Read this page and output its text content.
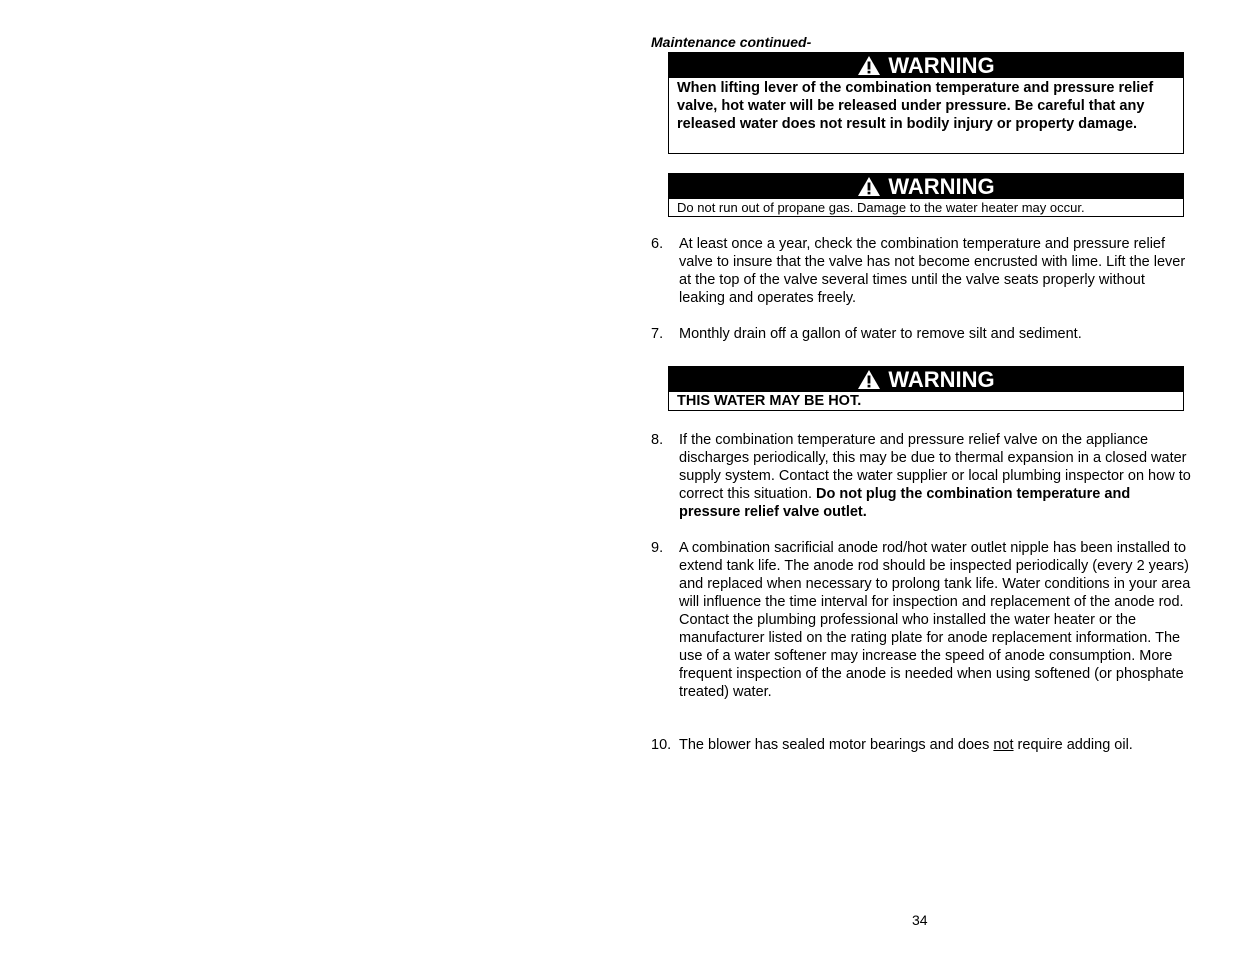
Maintenance continued-
WARNING
When lifting lever of the combination temperature and pressure relief valve, hot water will be released under pressure. Be careful that any released water does not result in bodily injury or property damage.
WARNING
Do not run out of propane gas. Damage to the water heater may occur.
6.	At least once a year, check the combination temperature and pressure relief valve to insure that the valve has not become encrusted with lime. Lift the lever at the top of the valve several times until the valve seats properly without leaking and operates freely.
7.	Monthly drain off a gallon of water to remove silt and sediment.
WARNING
THIS WATER MAY BE HOT.
8.	If the combination temperature and pressure relief valve on the appliance discharges periodically, this may be due to thermal expansion in a closed water supply system. Contact the water supplier or local plumbing inspector on how to correct this situation. Do not plug the combination temperature and pressure relief valve outlet.
9.	A combination sacrificial anode rod/hot water outlet nipple has been installed to extend tank life. The anode rod should be inspected periodically (every 2 years) and replaced when necessary to prolong tank life. Water conditions in your area will influence the time interval for inspection and replacement of the anode rod. Contact the plumbing professional who installed the water heater or the manufacturer listed on the rating plate for anode replacement information. The use of a water softener may increase the speed of anode consumption. More frequent inspection of the anode is needed when using softened (or phosphate treated) water.
10. The blower has sealed motor bearings and does not require adding oil.
34
